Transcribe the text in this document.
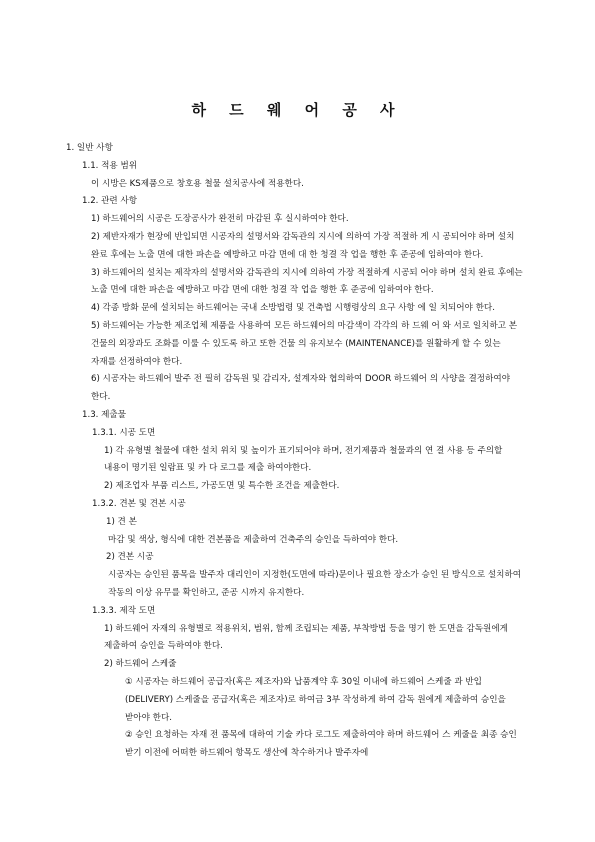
하 드 웨 어 공 사

1. 일반 사항

1.1. 적용 범위

이 시방은 KS제품으로 창호용 철물 설치공사에 적용한다.

1.2. 관련 사항

1) 하드웨어의 시공은 도장공사가 완전히 마감된 후 실시하여야 한다.

2) 제반자재가 현장에 반입되면 시공자의 설명서와 감독관의 지시에 의하여 가장 적절하 게 시 공되어야 하며 설치 완료 후에는 노출 면에 대한 파손을 예방하고 마감 면에 대 한 청결 작 업을 행한 후 준공에 임하여야 한다.

3) 하드웨어의 설치는 제작자의 설명서와 감독관의 지시에 의하여 가장 적절하게 시공되 어야 하며 설치 완료 후에는 노출 면에 대한 파손을 예방하고 마감 면에 대한 청결 작 업을 행한 후 준공에 임하여야 한다.

4) 각종 방화 문에 설치되는 하드웨어는 국내 소방법령 및 건축법 시행령상의 요구 사항 에 일 치되어야 한다.

5) 하드웨어는 가능한 제조업체 제품을 사용하여 모든 하드웨어의 마감색이 각각의 하 드웨 어 와 서로 일치하고 본 건물의 외장과도 조화를 이룰 수 있도록 하고 또한 건물 의 유지보수 (MAINTENANCE)를 원활하게 할 수 있는 자재를 선정하여야 한다.

6) 시공자는 하드웨어 발주 전 필히 감독원 및 감리자, 설계자와 협의하여 DOOR 하드웨어 의 사양을 결정하여야 한다.

1.3. 제출물

1.3.1. 시공 도면

1) 각 유형별 철물에 대한 설치 위치 및 높이가 표기되어야 하며, 전기제품과 철물과의 연 결 사용 등 주의할 내용이 명기된 일람표 및 카 다 로그를 제출 하여야한다.

2) 제조업자 부품 리스트, 가공도면 및 특수한 조건을 제출한다.

1.3.2. 견본 및 견본 시공

1) 견 본

마감 및 색상, 형식에 대한 견본품을 제출하여 건축주의 승인을 득하여야 한다.

2) 견본 시공

시공자는 승인된 품목을 발주자 대리인이 지정한(도면에 따라)문이나 필요한 장소가 승인 된 방식으로 설치하여 작동의 이상 유무를 확인하고, 준공 시까지 유지한다.

1.3.3. 제작 도면

1) 하드웨어 자재의 유형별로 적용위치, 범위, 함께 조립되는 제품, 부착방법 등을 명기 한 도면을 감독원에게 제출하여 승인을 득하여야 한다.

2) 하드웨어 스케줄

① 시공자는 하드웨어 공급자(혹은 제조자)와 납품계약 후 30일 이내에 하드웨어 스케줄 과 반입(DELIVERY) 스케줄을 공급자(혹은 제조자)로 하여금 3부 작성하게 하여 감독 원에게 제출하여 승인을 받아야 한다.

② 승인 요청하는 자재 전 품목에 대하여 기술 카다 로그도 제출하여야 하며 하드웨어 스 케줄을 최종 승인 받기 이전에 어떠한 하드웨어 항목도 생산에 착수하거나 발주자에
